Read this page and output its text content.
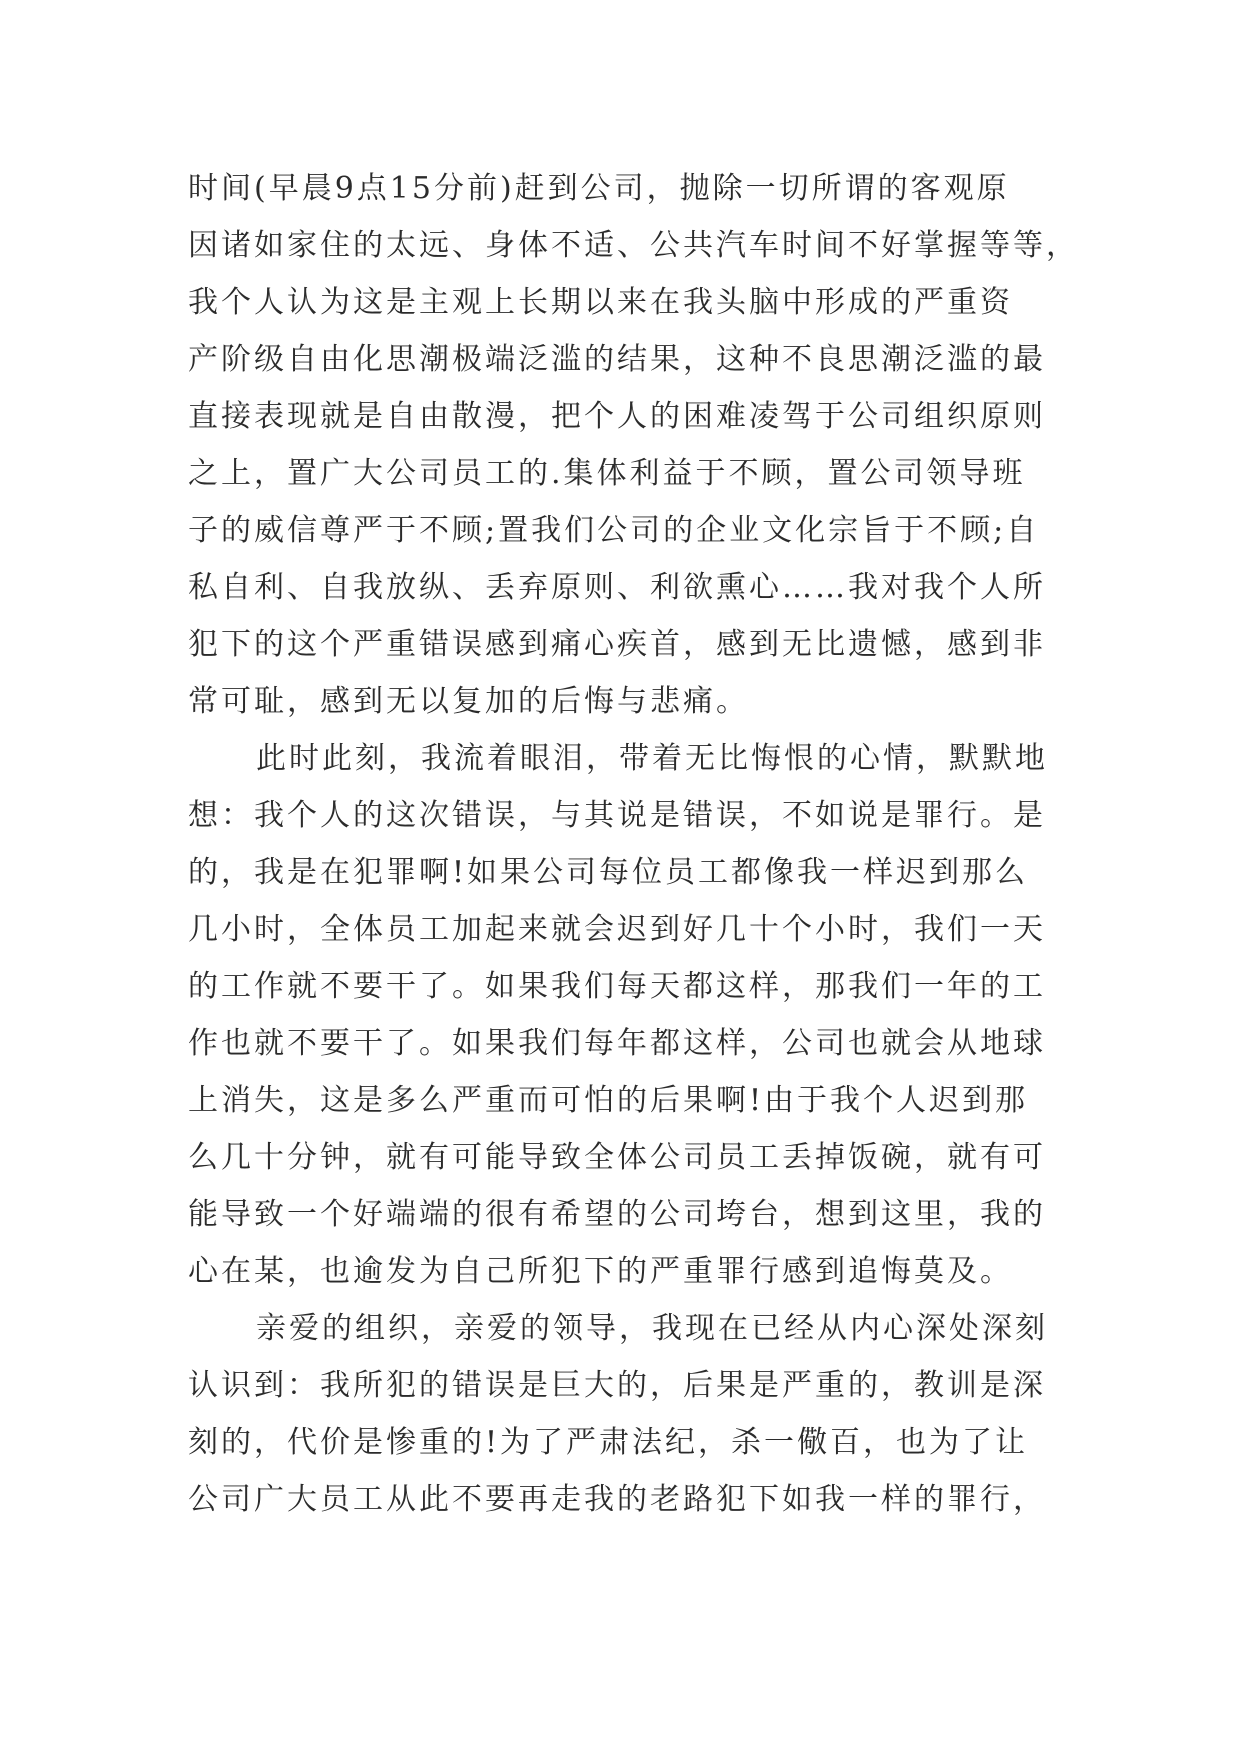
时间(早晨9点15分前)赶到公司，抛除一切所谓的客观原
因诸如家住的太远、身体不适、公共汽车时间不好掌握等等，
我个人认为这是主观上长期以来在我头脑中形成的严重资
产阶级自由化思潮极端泛滥的结果，这种不良思潮泛滥的最
直接表现就是自由散漫，把个人的困难凌驾于公司组织原则
之上，置广大公司员工的.集体利益于不顾，置公司领导班
子的威信尊严于不顾;置我们公司的企业文化宗旨于不顾;自
私自利、自我放纵、丢弃原则、利欲熏心……我对我个人所
犯下的这个严重错误感到痛心疾首，感到无比遗憾，感到非
常可耻，感到无以复加的后悔与悲痛。
此时此刻，我流着眼泪，带着无比悔恨的心情，默默地
想：我个人的这次错误，与其说是错误，不如说是罪行。是
的，我是在犯罪啊!如果公司每位员工都像我一样迟到那么
几小时，全体员工加起来就会迟到好几十个小时，我们一天
的工作就不要干了。如果我们每天都这样，那我们一年的工
作也就不要干了。如果我们每年都这样，公司也就会从地球
上消失，这是多么严重而可怕的后果啊!由于我个人迟到那
么几十分钟，就有可能导致全体公司员工丢掉饭碗，就有可
能导致一个好端端的很有希望的公司垮台，想到这里，我的
心在某，也逾发为自己所犯下的严重罪行感到追悔莫及。
亲爱的组织，亲爱的领导，我现在已经从内心深处深刻
认识到：我所犯的错误是巨大的，后果是严重的，教训是深
刻的，代价是惨重的!为了严肃法纪，杀一儆百，也为了让
公司广大员工从此不要再走我的老路犯下如我一样的罪行，
